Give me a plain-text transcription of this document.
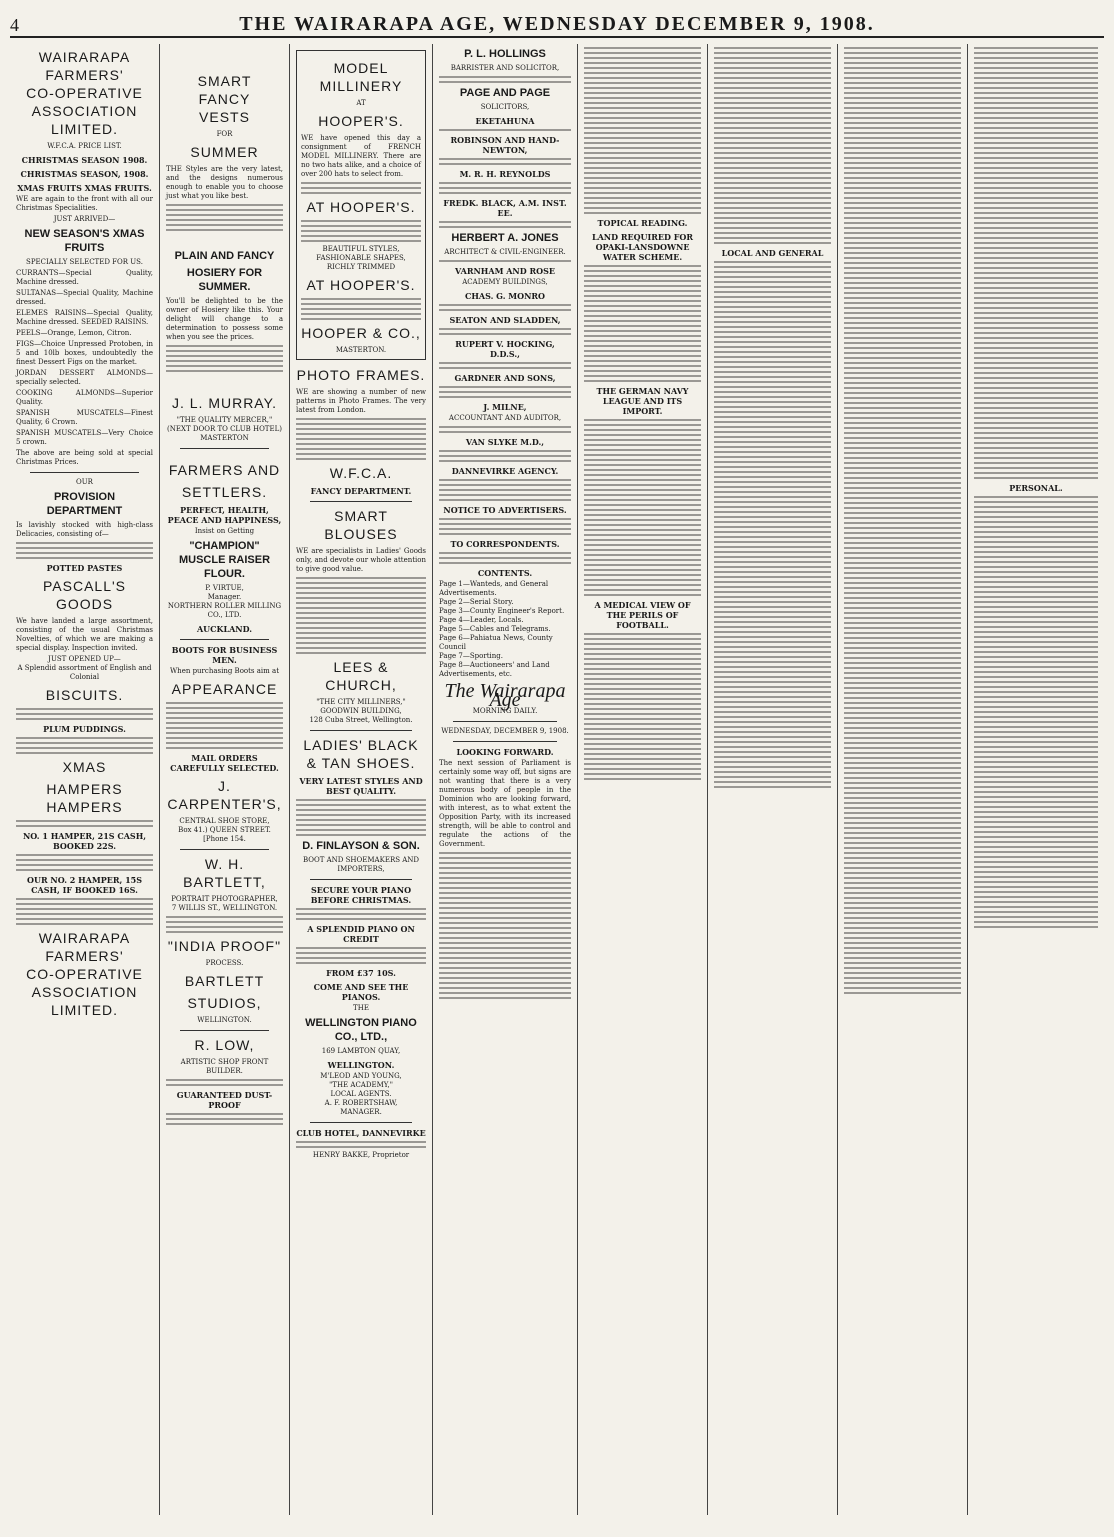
4	THE WAIRARAPA AGE, WEDNESDAY DECEMBER 9, 1908.
WAIRARAPA
FARMERS'
CO-OPERATIVE
ASSOCIATION
LIMITED.
W.F.C.A. PRICE LIST.
CHRISTMAS SEASON 1908.
CHRISTMAS SEASON, 1908.
XMAS FRUITS XMAS FRUITS.
WE are again to the front with all our Christmas Specialities.
JUST ARRIVED—
NEW SEASON'S XMAS FRUITS
SPECIALLY SELECTED FOR US.
CURRANTS—Special Quality, Machine dressed.
SULTANAS—Special Quality, Machine dressed.
ELEMES RAISINS—Special Quality, Machine dressed. SEEDED RAISINS.
PEELS—Orange, Lemon, Citron.
FIGS—Choice Unpressed Protoben, in 5 and 10lb boxes, undoubtedly the finest Dessert Figs on the market.
JORDAN DESSERT ALMONDS—specially selected.
COOKING ALMONDS—Superior Quality.
SPANISH MUSCATELS—Finest Quality, 6 Crown.
SPANISH MUSCATELS—Very Choice 5 crown.
The above are being sold at special Christmas Prices.
OUR
PROVISION DEPARTMENT
Is lavishly stocked with high-class Delicacies, consisting of—
POTTED PASTES
PASCALL'S GOODS
We have landed a large assortment, consisting of the usual Christmas Novelties, of which we are making a special display. Inspection invited.
JUST OPENED UP—
A Splendid assortment of English and Colonial
BISCUITS.
PLUM PUDDINGS.
XMAS
HAMPERS HAMPERS
NO. 1 HAMPER, 21S CASH, BOOKED 22S.
OUR NO. 2 HAMPER, 15S CASH, IF BOOKED 16S.
WAIRARAPA
FARMERS'
CO-OPERATIVE
ASSOCIATION
LIMITED.
SMART
FANCY
VESTS
FOR
SUMMER
THE Styles are the very latest, and the designs numerous enough to enable you to choose just what you like best.
PLAIN AND FANCY
HOSIERY FOR SUMMER.
You'll be delighted to be the owner of Hosiery like this. Your delight will change to a determination to possess some when you see the prices.
J. L. MURRAY.
"THE QUALITY MERCER,"
(NEXT DOOR TO CLUB HOTEL)
MASTERTON
FARMERS AND
SETTLERS.
PERFECT, HEALTH, PEACE AND HAPPINESS,
Insist on Getting
"CHAMPION" MUSCLE RAISER FLOUR.
P. VIRTUE,
Manager.
NORTHERN ROLLER MILLING CO., LTD.
AUCKLAND.
BOOTS FOR BUSINESS MEN.
When purchasing Boots aim at
APPEARANCE
MAIL ORDERS CAREFULLY SELECTED.
J. CARPENTER'S,
CENTRAL SHOE STORE,
Box 41.) QUEEN STREET. [Phone 154.
W. H. BARTLETT,
PORTRAIT PHOTOGRAPHER,
7 WILLIS ST., WELLINGTON.
"INDIA PROOF"
PROCESS.
BARTLETT
STUDIOS,
WELLINGTON.
R. LOW,
ARTISTIC SHOP FRONT BUILDER.
GUARANTEED DUST-PROOF
MODEL MILLINERY
AT
HOOPER'S.
WE have opened this day a consignment of FRENCH MODEL MILLINERY. There are no two hats alike, and a choice of over 200 hats to select from.
AT HOOPER'S.
BEAUTIFUL STYLES, FASHIONABLE SHAPES, RICHLY TRIMMED
AT HOOPER'S.
HOOPER & CO.,
MASTERTON.
PHOTO FRAMES.
WE are showing a number of new patterns in Photo Frames. The very latest from London.
W.F.C.A.
FANCY DEPARTMENT.
SMART BLOUSES
WE are specialists in Ladies' Goods only, and devote our whole attention to give good value.
LEES & CHURCH,
"THE CITY MILLINERS,"
GOODWIN BUILDING,
128 Cuba Street, Wellington.
LADIES' BLACK & TAN SHOES.
VERY LATEST STYLES AND BEST QUALITY.
D. FINLAYSON & SON.
BOOT AND SHOEMAKERS AND IMPORTERS,
SECURE YOUR PIANO BEFORE CHRISTMAS.
A SPLENDID PIANO ON CREDIT
FROM £37 10S.
COME AND SEE THE PIANOS.
THE
WELLINGTON PIANO CO., LTD.,
169 LAMBTON QUAY,
WELLINGTON.
M'LEOD AND YOUNG,
"THE ACADEMY,"
LOCAL AGENTS.
A. F. ROBERTSHAW,
MANAGER.
CLUB HOTEL, DANNEVIRKE
HENRY BAKKE, Proprietor
P. L. HOLLINGS
BARRISTER AND SOLICITOR,
PAGE AND PAGE
SOLICITORS,
EKETAHUNA
ROBINSON AND HAND-NEWTON,
M. R. H. REYNOLDS
FREDK. BLACK, A.M. INST. EE.
HERBERT A. JONES
ARCHITECT & CIVIL-ENGINEER.
VARNHAM AND ROSE
ACADEMY BUILDINGS,
CHAS. G. MONRO
SEATON AND SLADDEN,
RUPERT V. HOCKING, D.D.S.,
GARDNER AND SONS,
J. MILNE,
ACCOUNTANT AND AUDITOR,
VAN SLYKE M.D.,
DANNEVIRKE AGENCY.
NOTICE TO ADVERTISERS.
TO CORRESPONDENTS.
CONTENTS.
Page 1—Wanteds, and General Advertisements.
Page 2—Serial Story.
Page 3—County Engineer's Report.
Page 4—Leader, Locals.
Page 5—Cables and Telegrams.
Page 6—Pahiatua News, County Council
Page 7—Sporting.
Page 8—Auctioneers' and Land Advertisements, etc.
The Wairarapa Age
MORNING DAILY.
WEDNESDAY, DECEMBER 9, 1908.
LOOKING FORWARD.
The next session of Parliament is certainly some way off, but signs are not wanting that there is a very numerous body of people in the Dominion who are looking forward, with interest, as to what extent the Opposition Party, with its increased strength, will be able to control and regulate the actions of the Government.
TOPICAL READING.
LAND REQUIRED FOR OPAKI-LANSDOWNE WATER SCHEME.
THE GERMAN NAVY LEAGUE AND ITS IMPORT.
A MEDICAL VIEW OF THE PERILS OF FOOTBALL.
LOCAL AND GENERAL
PERSONAL.
